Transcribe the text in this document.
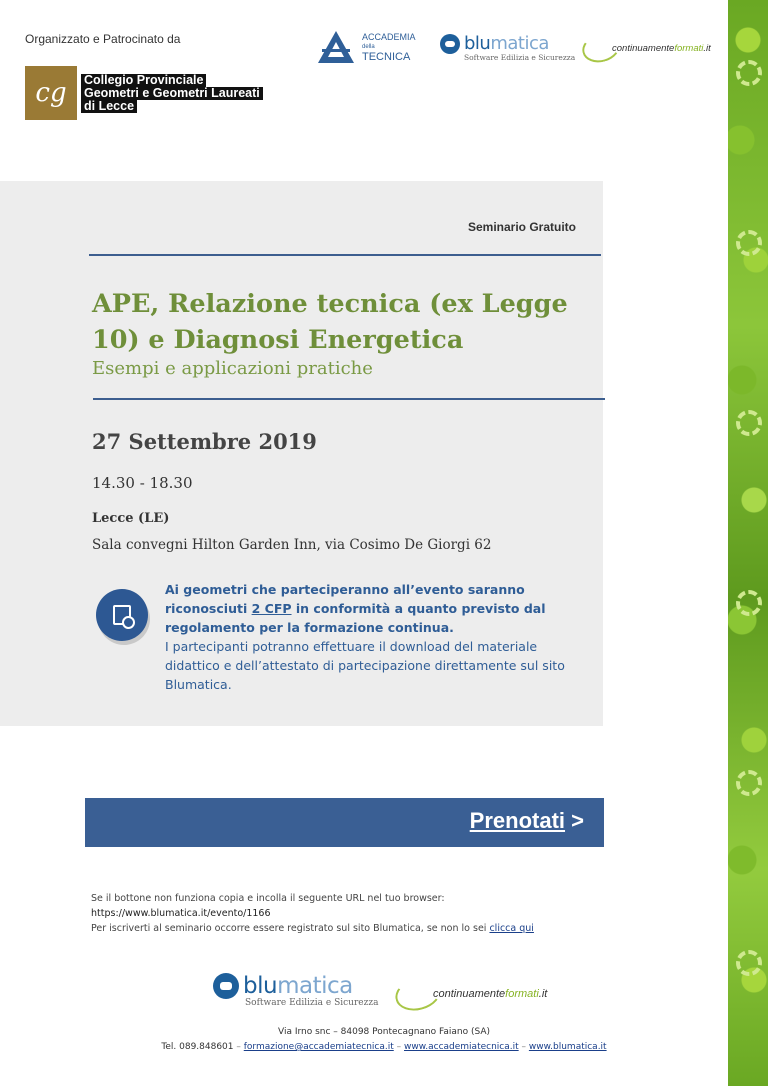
Organizzato e Patrocinato da
cg	Collegio Provinciale
Geometri e Geometri Laureati
di Lecce
ACCADEMIA
della
TECNICA
blumatica
Software Edilizia e Sicurezza
continuamenteformati.it
Seminario Gratuito
APE, Relazione tecnica (ex Legge 10) e Diagnosi Energetica
Esempi e applicazioni pratiche
27 Settembre 2019
14.30 - 18.30
Lecce (LE)
Sala convegni Hilton Garden Inn, via Cosimo De Giorgi 62
Ai geometri che parteciperanno all’evento saranno riconosciuti 2 CFP in conformità a quanto previsto dal regolamento per la formazione continua.
I partecipanti potranno effettuare il download del materiale didattico e dell’attestato di partecipazione direttamente sul sito Blumatica.
Prenotati >
Se il bottone non funziona copia e incolla il seguente URL nel tuo browser:
https://www.blumatica.it/evento/1166
Per iscriverti al seminario occorre essere registrato sul sito Blumatica, se non lo sei clicca qui
blumatica
Software Edilizia e Sicurezza
continuamenteformati.it
Via Irno snc – 84098 Pontecagnano Faiano (SA)
Tel. 089.848601 – formazione@accademiatecnica.it – www.accademiatecnica.it – www.blumatica.it
